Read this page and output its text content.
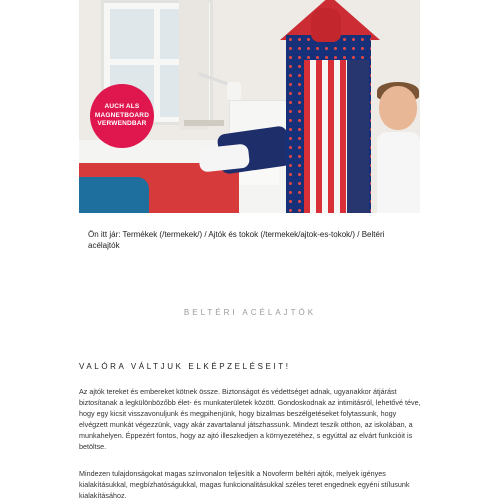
AUCH ALS
MAGNETBOARD
VERWENDBAR
Ön itt jár: Termékek (/termekek/) / Ajtók és tokok (/termekek/ajtok-es-tokok/) / Beltéri acélajtók
BELTÉRI ACÉLAJTÓK
VALÓRA VÁLTJUK ELKÉPZELÉSEIT!

Az ajtók tereket és embereket kötnek össze. Biztonságot és védettséget adnak, ugyanakkor átjárást biztosítanak a legkülönbözőbb élet- és munkaterületek között. Gondoskodnak az intimitásról, lehetővé téve, hogy egy kicsit visszavonuljunk és megpihenjünk, hogy bizalmas beszélgetéseket folytassunk, hogy elvégzett munkát végezzünk, vagy akár zavartalanul játszhassunk. Mindezt teszik otthon, az iskolában, a munkahelyen. Éppezért fontos, hogy az ajtó illeszkedjen a környezetéhez, s egyúttal az elvárt funkcióit is betöltse.

Mindezen tulajdonságokat magas színvonalon teljesítik a Novoferm beltéri ajtók, melyek igényes kialakításukkal, megbízhatóságukkal, magas funkcionalitásukkal széles teret engednek egyéni stílusunk kialakításához.
